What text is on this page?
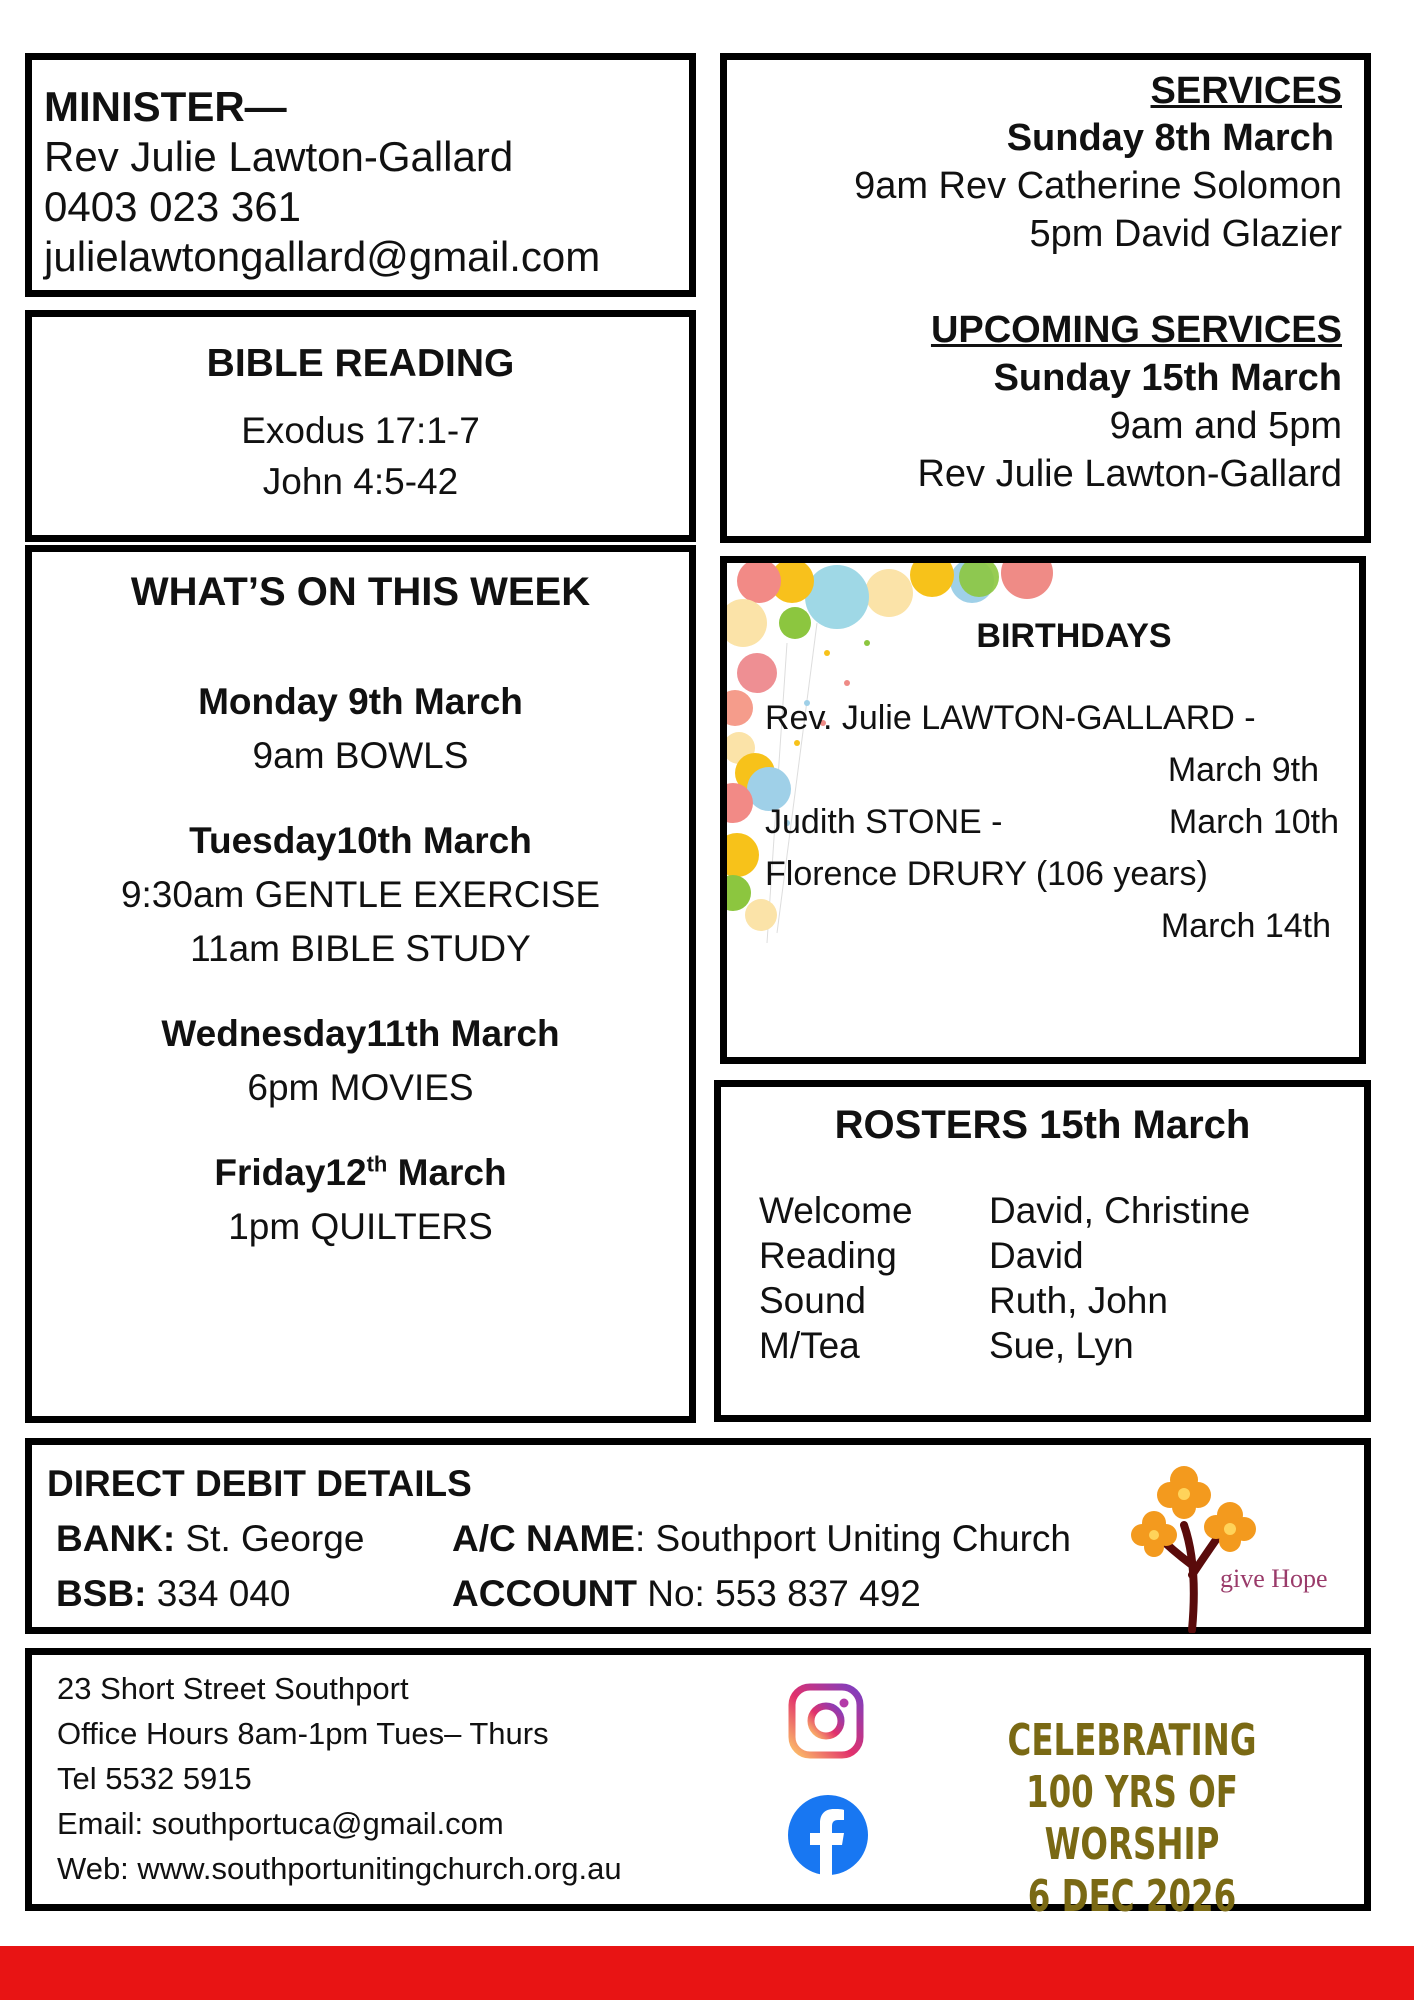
MINISTER—
Rev Julie Lawton-Gallard
0403 023 361
julielawtongallard@gmail.com
BIBLE READING
Exodus 17:1-7
John 4:5-42
WHAT’S ON THIS WEEK
Monday 9th March
9am BOWLS
Tuesday10th March
9:30am GENTLE EXERCISE
11am BIBLE STUDY
Wednesday11th March
6pm MOVIES
Friday12th March
1pm QUILTERS
SERVICES
Sunday 8th March
9am Rev Catherine Solomon
5pm David Glazier
UPCOMING SERVICES
Sunday 15th March
9am and 5pm
Rev Julie Lawton-Gallard
BIRTHDAYS
Rev. Julie LAWTON-GALLARD -
March 9th
Judith STONE -	March 10th
Florence DRURY (106 years)
March 14th
ROSTERS 15th March
Welcome David, Christine
Reading David
Sound	Ruth, John
M/Tea	Sue, Lyn
give Hope
DIRECT DEBIT DETAILS
BANK: St. George A/C NAME: Southport Uniting Church
BSB: 334 040	ACCOUNT No: 553 837 492
23 Short Street Southport
Office Hours 8am-1pm Tues– Thurs
Tel 5532 5915
Email: southportuca@gmail.com
Web: www.southportunitingchurch.org.au
CELEBRATING
100 YRS OF WORSHIP
6 DEC 2026
